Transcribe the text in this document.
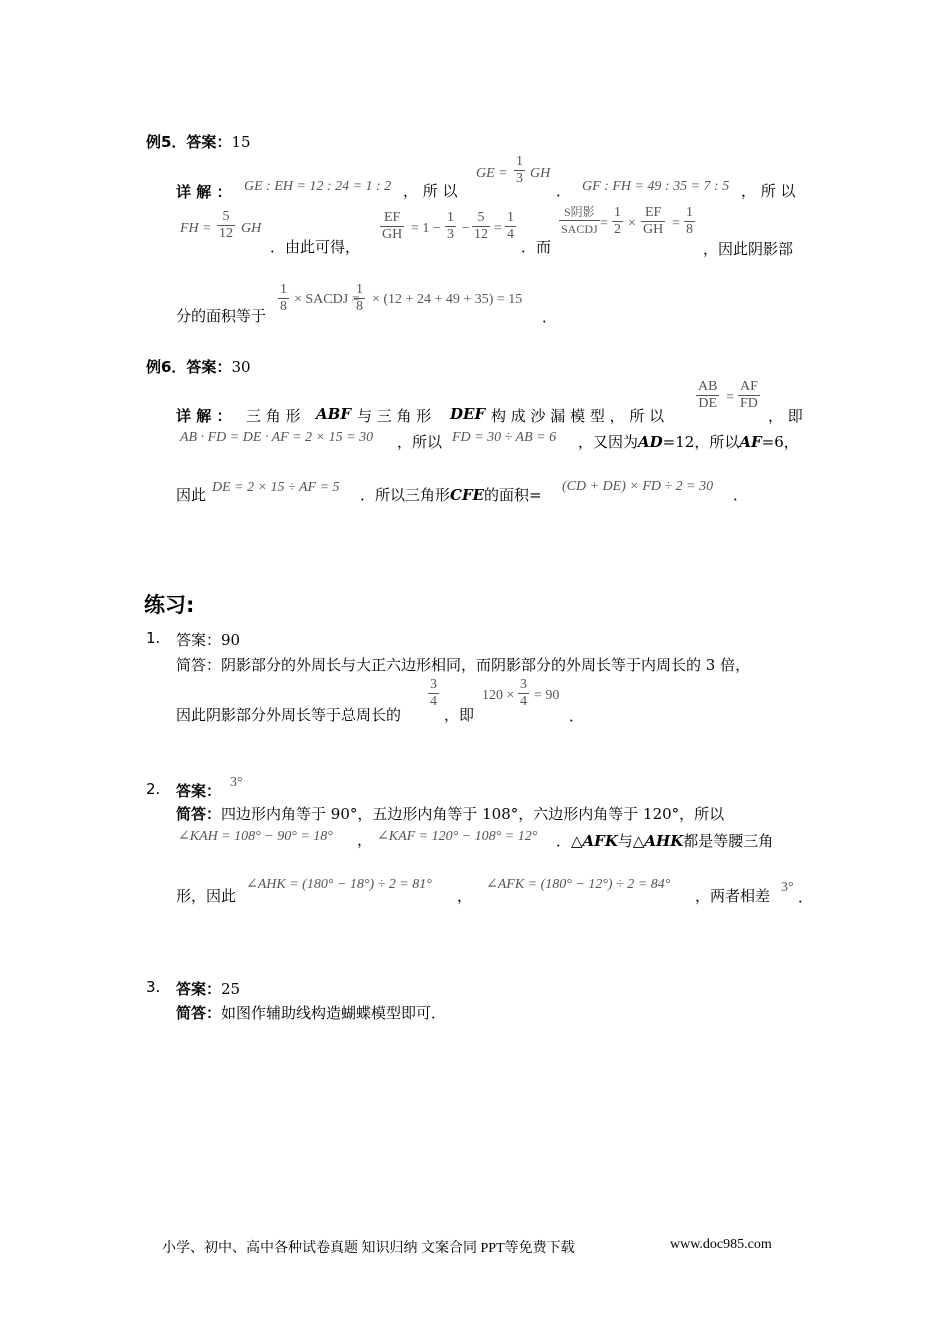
例5．答案：15
详 解 ： GE : EH = 12 : 24 = 1 : 2 ， 所 以
GE = $\frac{1}{3}$ GH
． GF : FH = 49 : 35 = 7 : 5 ， 所 以
FH = $\frac{5}{12}$ GH
．由此可得，
$\frac{EF}{GH} = 1 - \frac{1}{3} - \frac{5}{12} = \frac{1}{4}$
．而
S阴影
SACDJ = $\frac{1}{2} \times \frac{EF}{GH} = \frac{1}{8}$
，因此阴影部
分的面积等于
$\frac{1}{8}$ × SACDJ =
$\frac{1}{8} \times (12 + 24 + 49 + 35) = 15$
．
例6．答案：30
详 解 ： 三 角 形 ABF 与 三 角 形 DEF 构 成 沙 漏 模 型 ， 所 以
$\frac{AB}{DE} = \frac{AF}{FD}$
， 即
AB · FD = DE · AF = 2 × 15 = 30 ，所以 FD = 30 ÷ AB = 6 ，又因为AD=12，所以AF=6，
因此 DE = 2 × 15 ÷ AF = 5 ．所以三角形CFE的面积= (CD + DE) × FD ÷ 2 = 30 ．
练习:
1. 答案：90
简答：阴影部分的外周长与大正六边形相同，而阴影部分的外周长等于内周长的 3 倍，
因此阴影部分外周长等于总周长的
$\frac{3}{4}$
，即
$120 \times \frac{3}{4} = 90$
．
2. 答案： 3°
简答：四边形内角等于 90°，五边形内角等于 108°，六边形内角等于 120°，所以
∠KAH = 108° − 90° = 18° ， ∠KAF = 120° − 108° = 12° ．△AFK与△AHK都是等腰三角
形，因此
∠AHK = (180° − 18°) ÷ 2 = 81°
，
∠AFK = (180° − 12°) ÷ 2 = 84°
，两者相差 3°
．
3. 答案：25
简答：如图作辅助线构造蝴蝶模型即可．
小学、初中、高中各种试卷真题 知识归纳 文案合同 PPT等免费下载	www.doc985.com
